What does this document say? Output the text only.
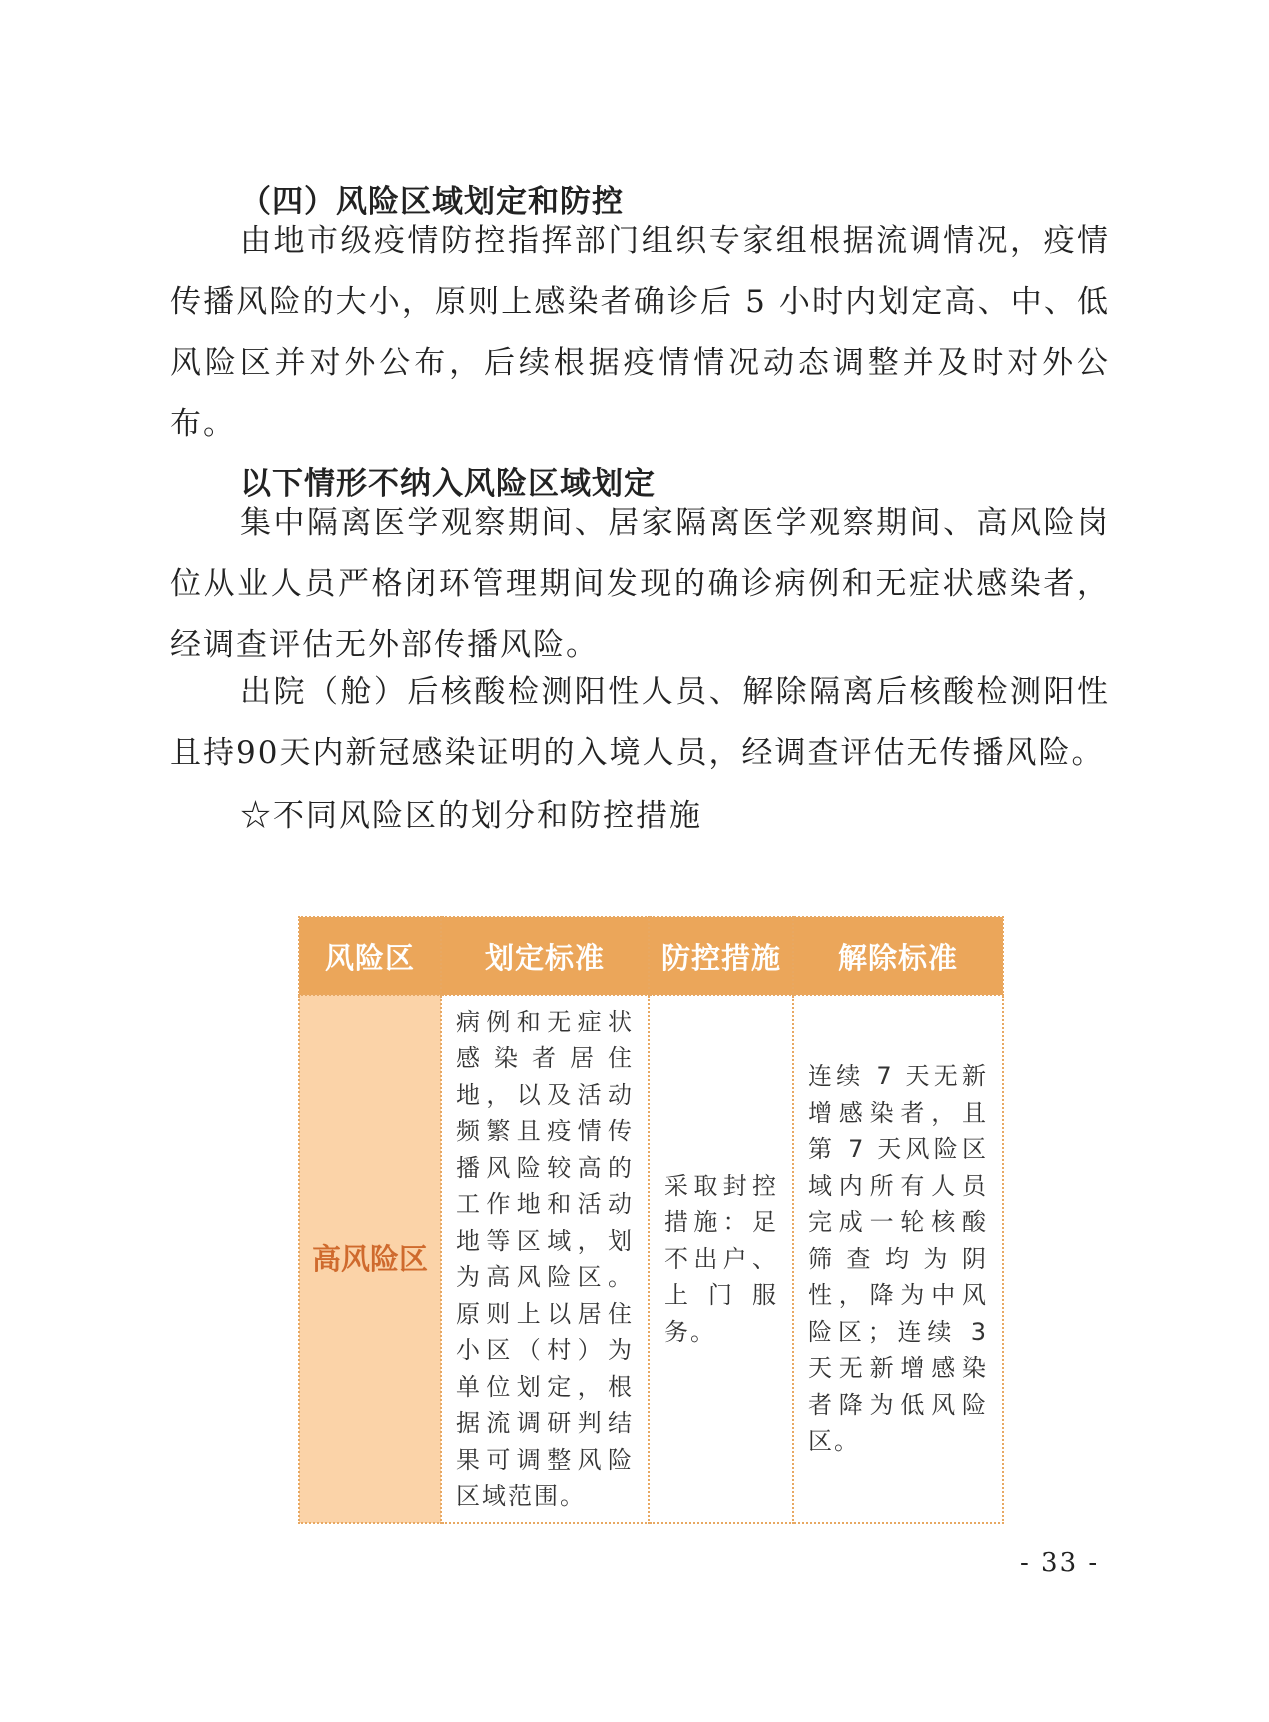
（四）风险区域划定和防控

由地市级疫情防控指挥部门组织专家组根据流调情况，疫情传播风险的大小，原则上感染者确诊后 5 小时内划定高、中、低风险区并对外公布，后续根据疫情情况动态调整并及时对外公布。

以下情形不纳入风险区域划定

集中隔离医学观察期间、居家隔离医学观察期间、高风险岗位从业人员严格闭环管理期间发现的确诊病例和无症状感染者，经调查评估无外部传播风险。

出院（舱）后核酸检测阳性人员、解除隔离后核酸检测阳性且持90天内新冠感染证明的入境人员，经调查评估无传播风险。

☆不同风险区的划分和防控措施
风险区	划定标准	防控措施	解除标准
高风险区	病例和无症状感染者居住地，以及活动频繁且疫情传播风险较高的工作地和活动地等区域，划为高风险区。原则上以居住小区（村）为单位划定，根据流调研判结果可调整风险区域范围。	采取封控措施：足不出户、上门服务。	连续 7 天无新增感染者，且第 7 天风险区域内所有人员完成一轮核酸筛查均为阴性，降为中风险区；连续 3 天无新增感染者降为低风险区。
- 33 -
